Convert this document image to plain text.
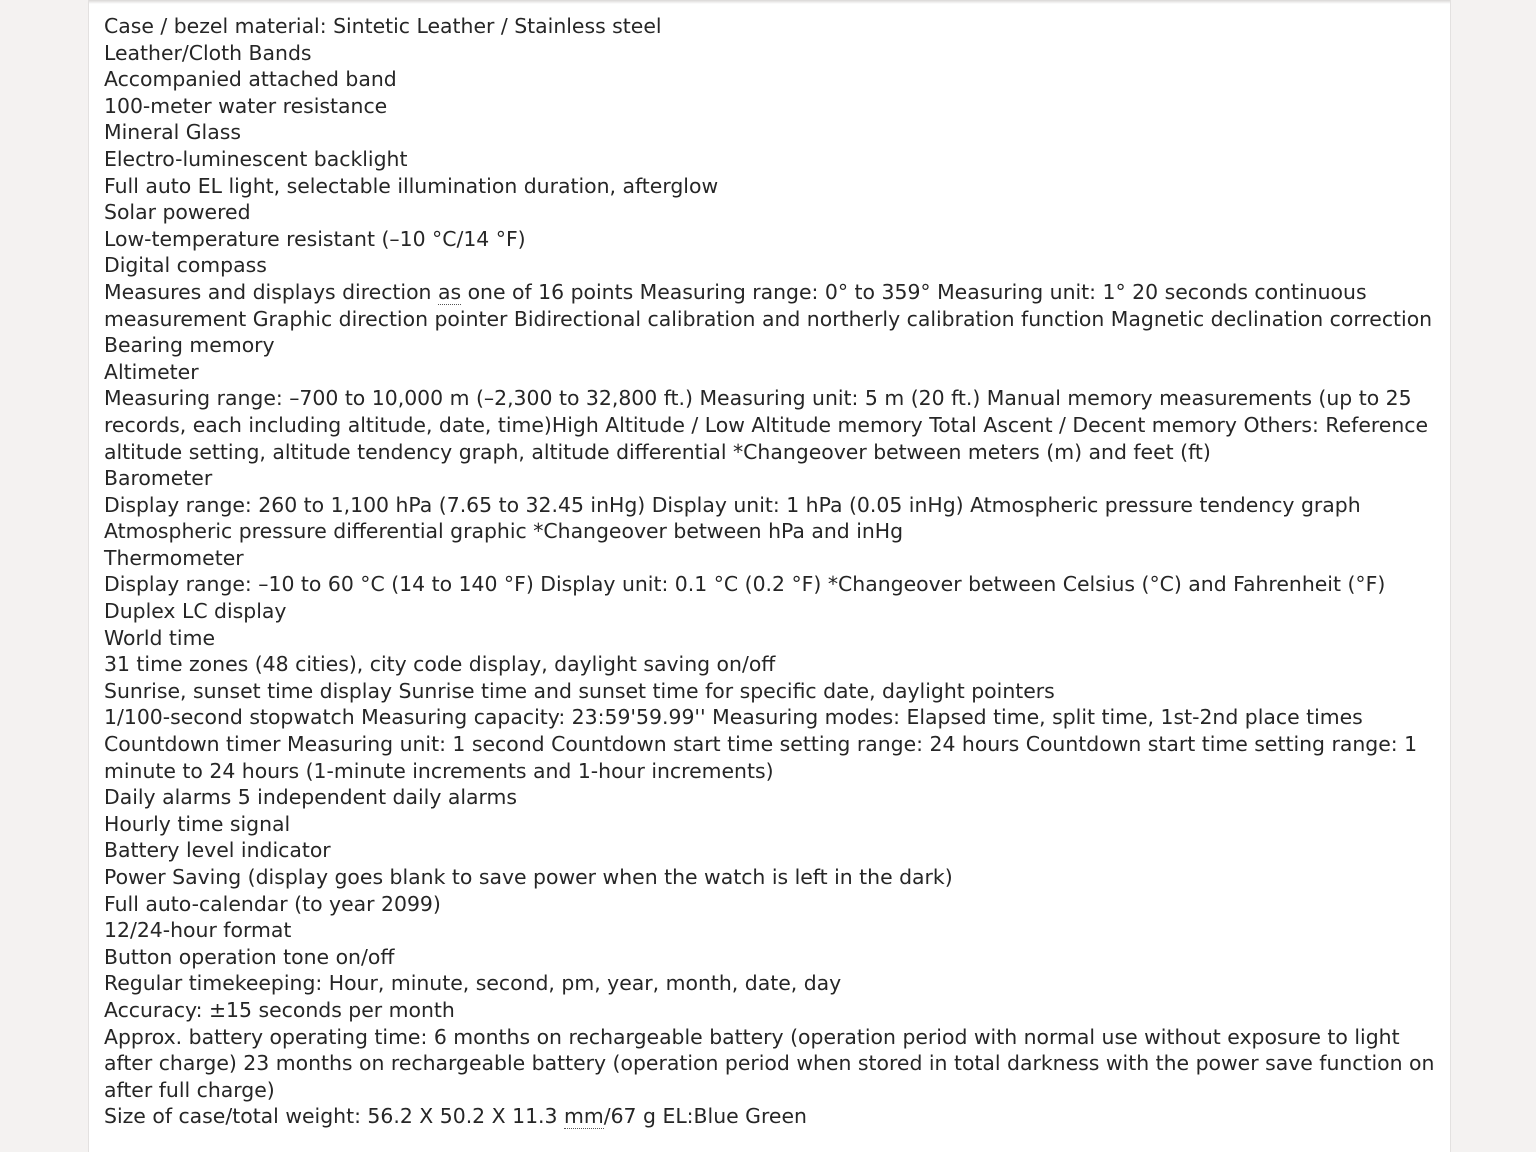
Case / bezel material: Sintetic Leather / Stainless steel
Leather/Cloth Bands
Accompanied attached band
100-meter water resistance
Mineral Glass
Electro-luminescent backlight
Full auto EL light, selectable illumination duration, afterglow
Solar powered
Low-temperature resistant (–10 °C/14 °F)
Digital compass
Measures and displays direction as one of 16 points Measuring range: 0° to 359° Measuring unit: 1° 20 seconds continuous measurement Graphic direction pointer Bidirectional calibration and northerly calibration function Magnetic declination correction Bearing memory
Altimeter
Measuring range: –700 to 10,000 m (–2,300 to 32,800 ft.) Measuring unit: 5 m (20 ft.) Manual memory measurements (up to 25 records, each including altitude, date, time)High Altitude / Low Altitude memory Total Ascent / Decent memory Others: Reference altitude setting, altitude tendency graph, altitude differential *Changeover between meters (m) and feet (ft)
Barometer
Display range: 260 to 1,100 hPa (7.65 to 32.45 inHg) Display unit: 1 hPa (0.05 inHg) Atmospheric pressure tendency graph Atmospheric pressure differential graphic *Changeover between hPa and inHg
Thermometer
Display range: –10 to 60 °C (14 to 140 °F) Display unit: 0.1 °C (0.2 °F) *Changeover between Celsius (°C) and Fahrenheit (°F)
Duplex LC display
World time
31 time zones (48 cities), city code display, daylight saving on/off
Sunrise, sunset time display Sunrise time and sunset time for specific date, daylight pointers
1/100-second stopwatch Measuring capacity: 23:59'59.99'' Measuring modes: Elapsed time, split time, 1st-2nd place times
Countdown timer Measuring unit: 1 second Countdown start time setting range: 24 hours Countdown start time setting range: 1 minute to 24 hours (1-minute increments and 1-hour increments)
Daily alarms 5 independent daily alarms
Hourly time signal
Battery level indicator
Power Saving (display goes blank to save power when the watch is left in the dark)
Full auto-calendar (to year 2099)
12/24-hour format
Button operation tone on/off
Regular timekeeping: Hour, minute, second, pm, year, month, date, day
Accuracy: ±15 seconds per month
Approx. battery operating time: 6 months on rechargeable battery (operation period with normal use without exposure to light after charge) 23 months on rechargeable battery (operation period when stored in total darkness with the power save function on after full charge)
Size of case/total weight: 56.2 X 50.2 X 11.3 mm/67 g EL:Blue Green
